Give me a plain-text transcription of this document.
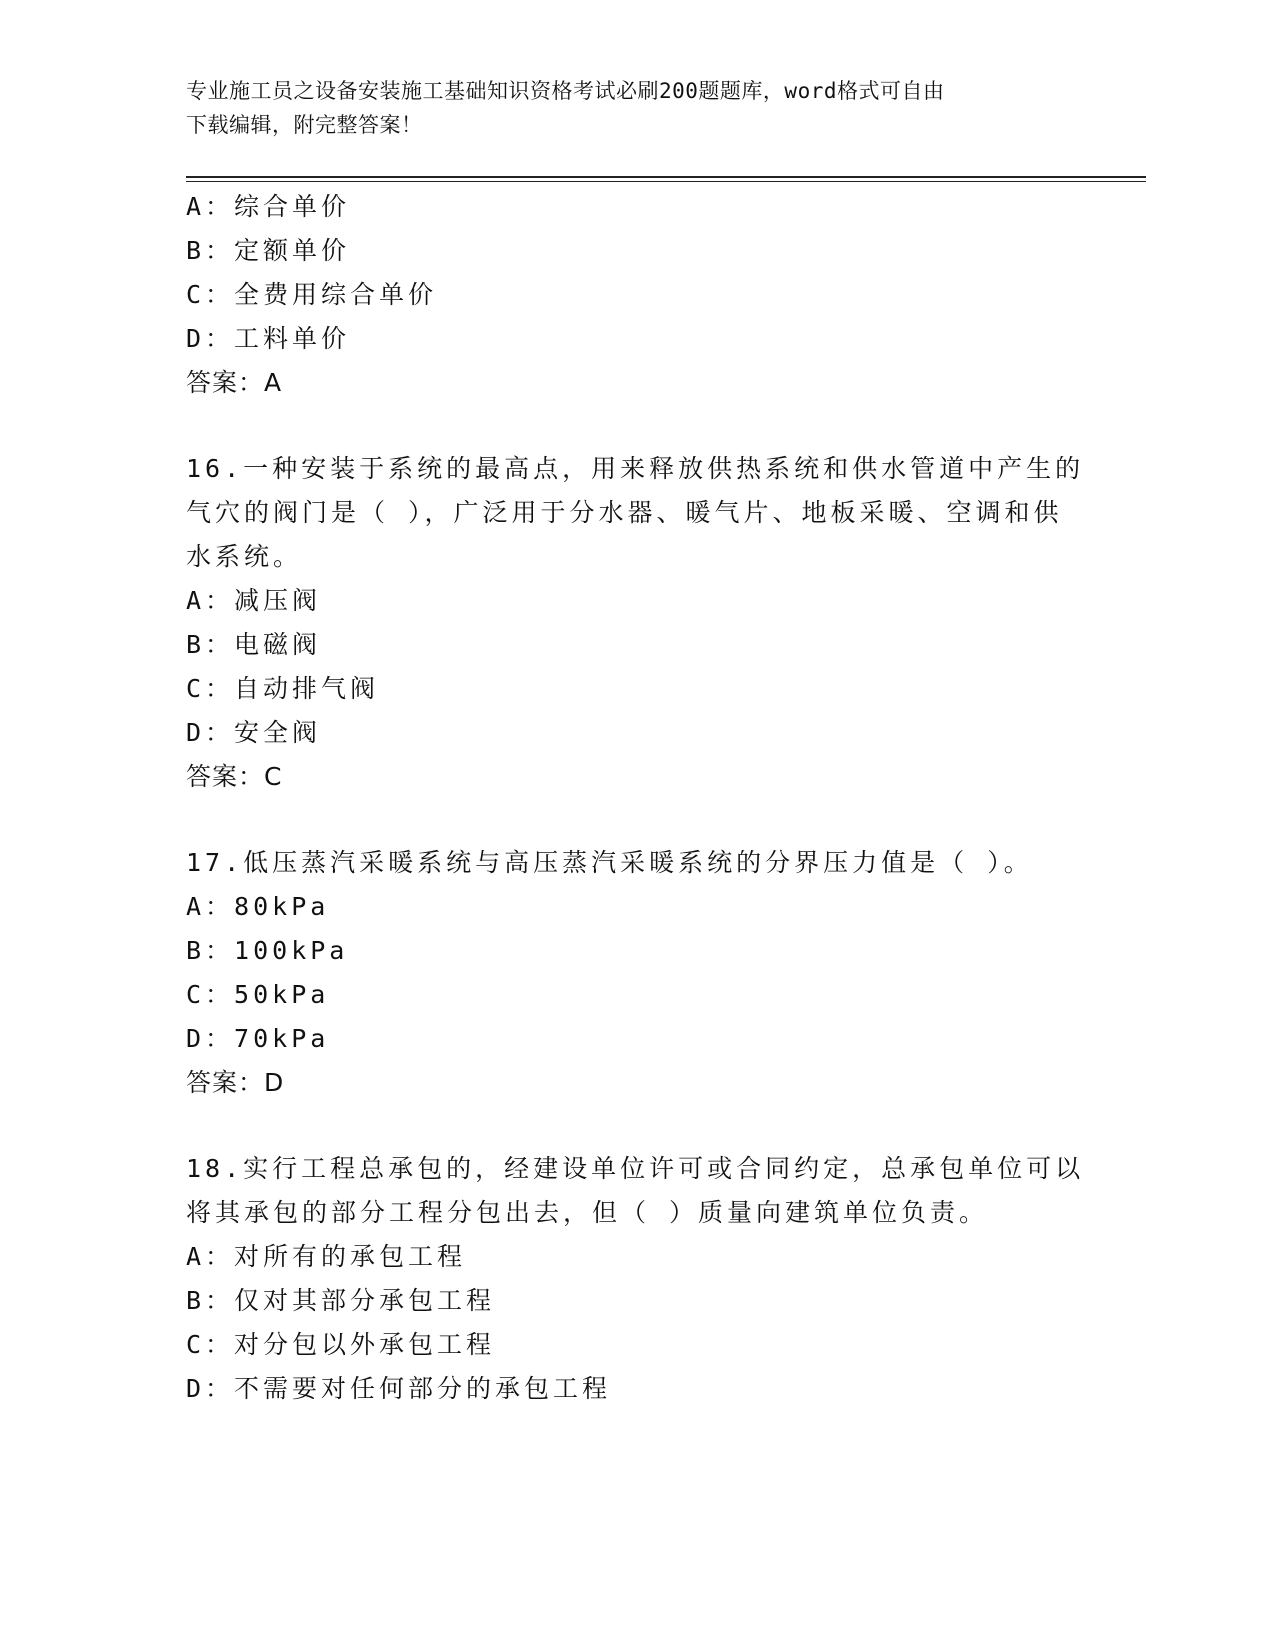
专业施工员之设备安装施工基础知识资格考试必刷200题题库，word格式可自由
下载编辑，附完整答案！
A：综合单价
B：定额单价
C：全费用综合单价
D：工料单价
答案：A
16.一种安装于系统的最高点，用来释放供热系统和供水管道中产生的
气穴的阀门是（ ），广泛用于分水器、暖气片、地板采暖、空调和供
水系统。
A：减压阀
B：电磁阀
C：自动排气阀
D：安全阀
答案：C
17.低压蒸汽采暖系统与高压蒸汽采暖系统的分界压力值是（ ）。
A：80kPa
B：100kPa
C：50kPa
D：70kPa
答案：D
18.实行工程总承包的，经建设单位许可或合同约定，总承包单位可以
将其承包的部分工程分包出去，但（ ）质量向建筑单位负责。
A：对所有的承包工程
B：仅对其部分承包工程
C：对分包以外承包工程
D：不需要对任何部分的承包工程
